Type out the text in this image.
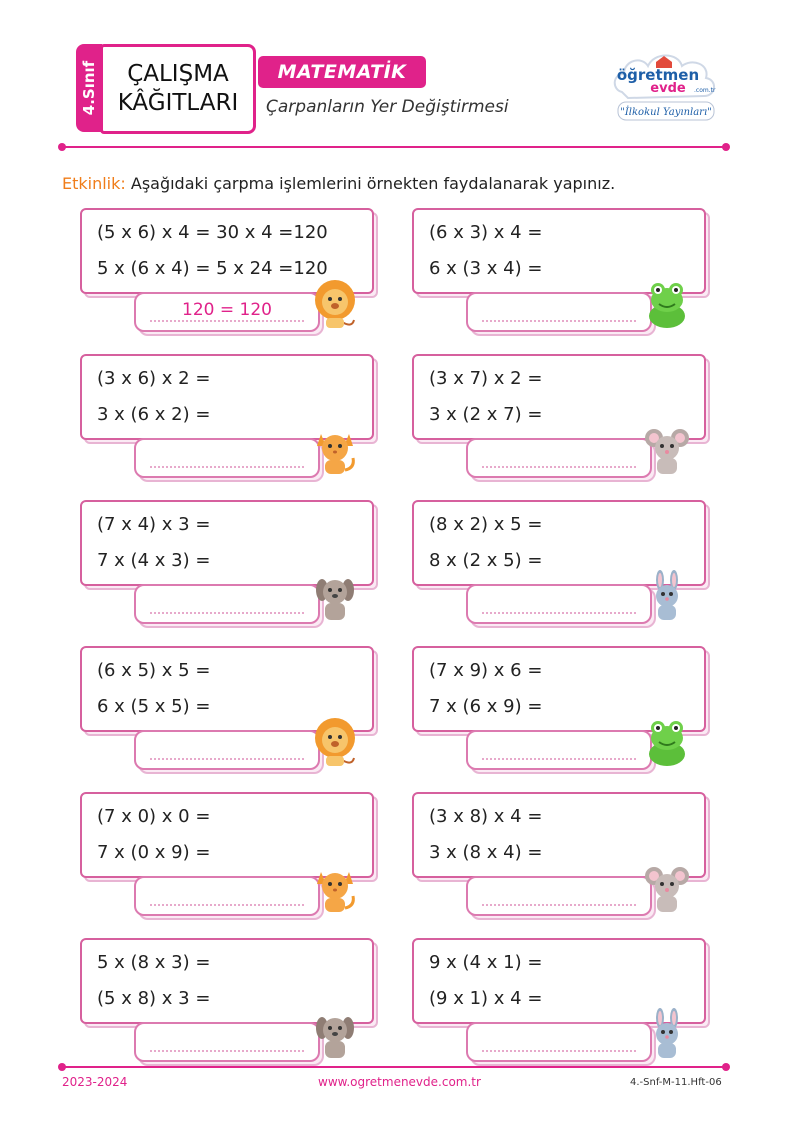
4.Sınıf ÇALIŞMA
KÂĞITLARI
MATEMATİK
Çarpanların Yer Değiştirmesi
öğretmen
evde .com.tr
"İlkokul Yayınları"
Etkinlik: Aşağıdaki çarpma işlemlerini örnekten faydalanarak yapınız.
(5 x 6) x 4 = 30 x 4 =120
5 x (6 x 4) = 5 x 24 =120
120 = 120
(6 x 3) x 4 =
6 x (3 x 4) =
(3 x 6) x 2 =
3 x (6 x 2) =
(3 x 7) x 2 =
3 x (2 x 7) =
(7 x 4) x 3 =
7 x (4 x 3) =
(8 x 2) x 5 =
8 x (2 x 5) =
(6 x 5) x 5 =
6 x (5 x 5) =
(7 x 9) x 6 =
7 x (6 x 9) =
(7 x 0) x 0 =
7 x (0 x 9) =
(3 x 8) x 4 =
3 x (8 x 4) =
5 x (8 x 3) =
(5 x 8) x 3 =
9 x (4 x 1) =
(9 x 1) x 4 =
2023-2024	www.ogretmenevde.com.tr	4.-Snf-M-11.Hft-06
